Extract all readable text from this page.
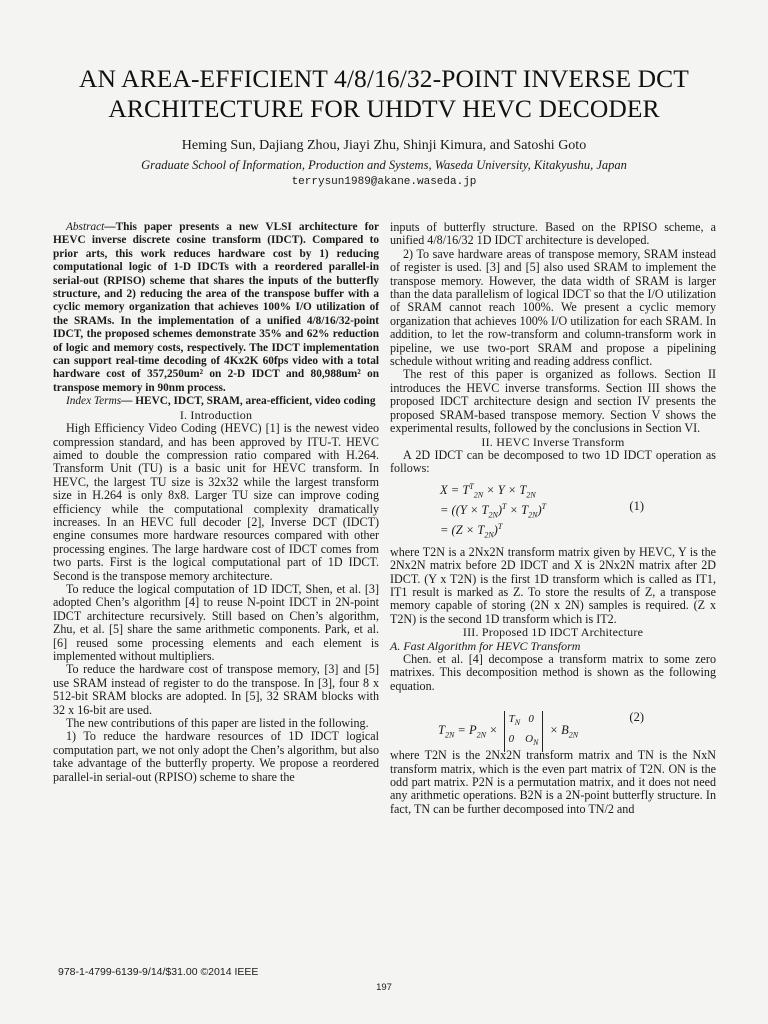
AN AREA-EFFICIENT 4/8/16/32-POINT INVERSE DCT
ARCHITECTURE FOR UHDTV HEVC DECODER
Heming Sun, Dajiang Zhou, Jiayi Zhu, Shinji Kimura, and Satoshi Goto
Graduate School of Information, Production and Systems, Waseda University, Kitakyushu, Japan
terrysun1989@akane.waseda.jp

Abstract—This paper presents a new VLSI architecture for HEVC inverse discrete cosine transform (IDCT). Compared to prior arts, this work reduces hardware cost by 1) reducing computational logic of 1-D IDCTs with a reordered parallel-in serial-out (RPISO) scheme that shares the inputs of the butterfly structure, and 2) reducing the area of the transpose buffer with a cyclic memory organization that achieves 100% I/O utilization of the SRAMs. In the implementation of a unified 4/8/16/32-point IDCT, the proposed schemes demonstrate 35% and 62% reduction of logic and memory costs, respectively. The IDCT implementation can support real-time decoding of 4Kx2K 60fps video with a total hardware cost of 357,250um² on 2-D IDCT and 80,988um² on transpose memory in 90nm process.

Index Terms— HEVC, IDCT, SRAM, area-efficient, video coding

I. Introduction

High Efficiency Video Coding (HEVC) [1] is the newest video compression standard, and has been approved by ITU-T. HEVC aimed to double the compression ratio compared with H.264. Transform Unit (TU) is a basic unit for HEVC transform. In HEVC, the largest TU size is 32x32 while the largest transform size in H.264 is only 8x8. Larger TU size can improve coding efficiency while the computational complexity dramatically increases. In an HEVC full decoder [2], Inverse DCT (IDCT) engine consumes more hardware resources compared with other processing engines. The large hardware cost of IDCT comes from two parts. First is the logical computational part of 1D IDCT. Second is the transpose memory architecture.

To reduce the logical computation of 1D IDCT, Shen, et al. [3] adopted Chen’s algorithm [4] to reuse N-point IDCT in 2N-point IDCT architecture recursively. Still based on Chen’s algorithm, Zhu, et al. [5] share the same arithmetic components. Park, et al. [6] reused some processing elements and each element is implemented without multipliers.

To reduce the hardware cost of transpose memory, [3] and [5] use SRAM instead of register to do the transpose. In [3], four 8 x 512-bit SRAM blocks are adopted. In [5], 32 SRAM blocks with 32 x 16-bit are used.

The new contributions of this paper are listed in the following.

1) To reduce the hardware resources of 1D IDCT logical computation part, we not only adopt the Chen’s algorithm, but also take advantage of the butterfly property. We propose a reordered parallel-in serial-out (RPISO) scheme to share the

inputs of butterfly structure. Based on the RPISO scheme, a unified 4/8/16/32 1D IDCT architecture is developed.

2) To save hardware areas of transpose memory, SRAM instead of register is used. [3] and [5] also used SRAM to implement the transpose memory. However, the data width of SRAM is larger than the data parallelism of logical IDCT so that the I/O utilization of SRAM cannot reach 100%. We present a cyclic memory organization that achieves 100% I/O utilization for each SRAM. In addition, to let the row-transform and column-transform work in pipeline, we use two-port SRAM and propose a pipelining schedule without writing and reading address conflict.

The rest of this paper is organized as follows. Section II introduces the HEVC inverse transforms. Section III shows the proposed IDCT architecture design and section IV presents the proposed SRAM-based transpose memory. Section V shows the experimental results, followed by the conclusions in Section VI.

II. HEVC Inverse Transform

A 2D IDCT can be decomposed to two 1D IDCT operation as follows:

$X = T^T_{2N} \times Y \times T_{2N}$
= $((Y \times T_{2N})^T \times T_{2N})^T$
= $(Z \times T_{2N})^T$
(1)

where T2N is a 2Nx2N transform matrix given by HEVC, Y is the 2Nx2N matrix before 2D IDCT and X is 2Nx2N matrix after 2D IDCT. (Y x T2N) is the first 1D transform which is called as IT1, IT1 result is marked as Z. To store the results of Z, a transpose memory capable of storing (2N x 2N) samples is required. (Z x T2N) is the second 1D transform which is IT2.

III. Proposed 1D IDCT Architecture

A. Fast Algorithm for HEVC Transform

Chen. et al. [4] decompose a transform matrix to some zero matrixes. This decomposition method is shown as the following equation.

$T_{2N} = P_{2N} \times T_N$   0
0    $O_N \times B_{2N}$
(2)

where T2N is the 2Nx2N transform matrix and TN is the NxN transform matrix, which is the even part matrix of T2N. ON is the odd part matrix. P2N is a permutation matrix, and it does not need any arithmetic operations. B2N is a 2N-point butterfly structure. In fact, TN can be further decomposed into TN/2 and

978-1-4799-6139-9/14/$31.00 ©2014 IEEE
197
